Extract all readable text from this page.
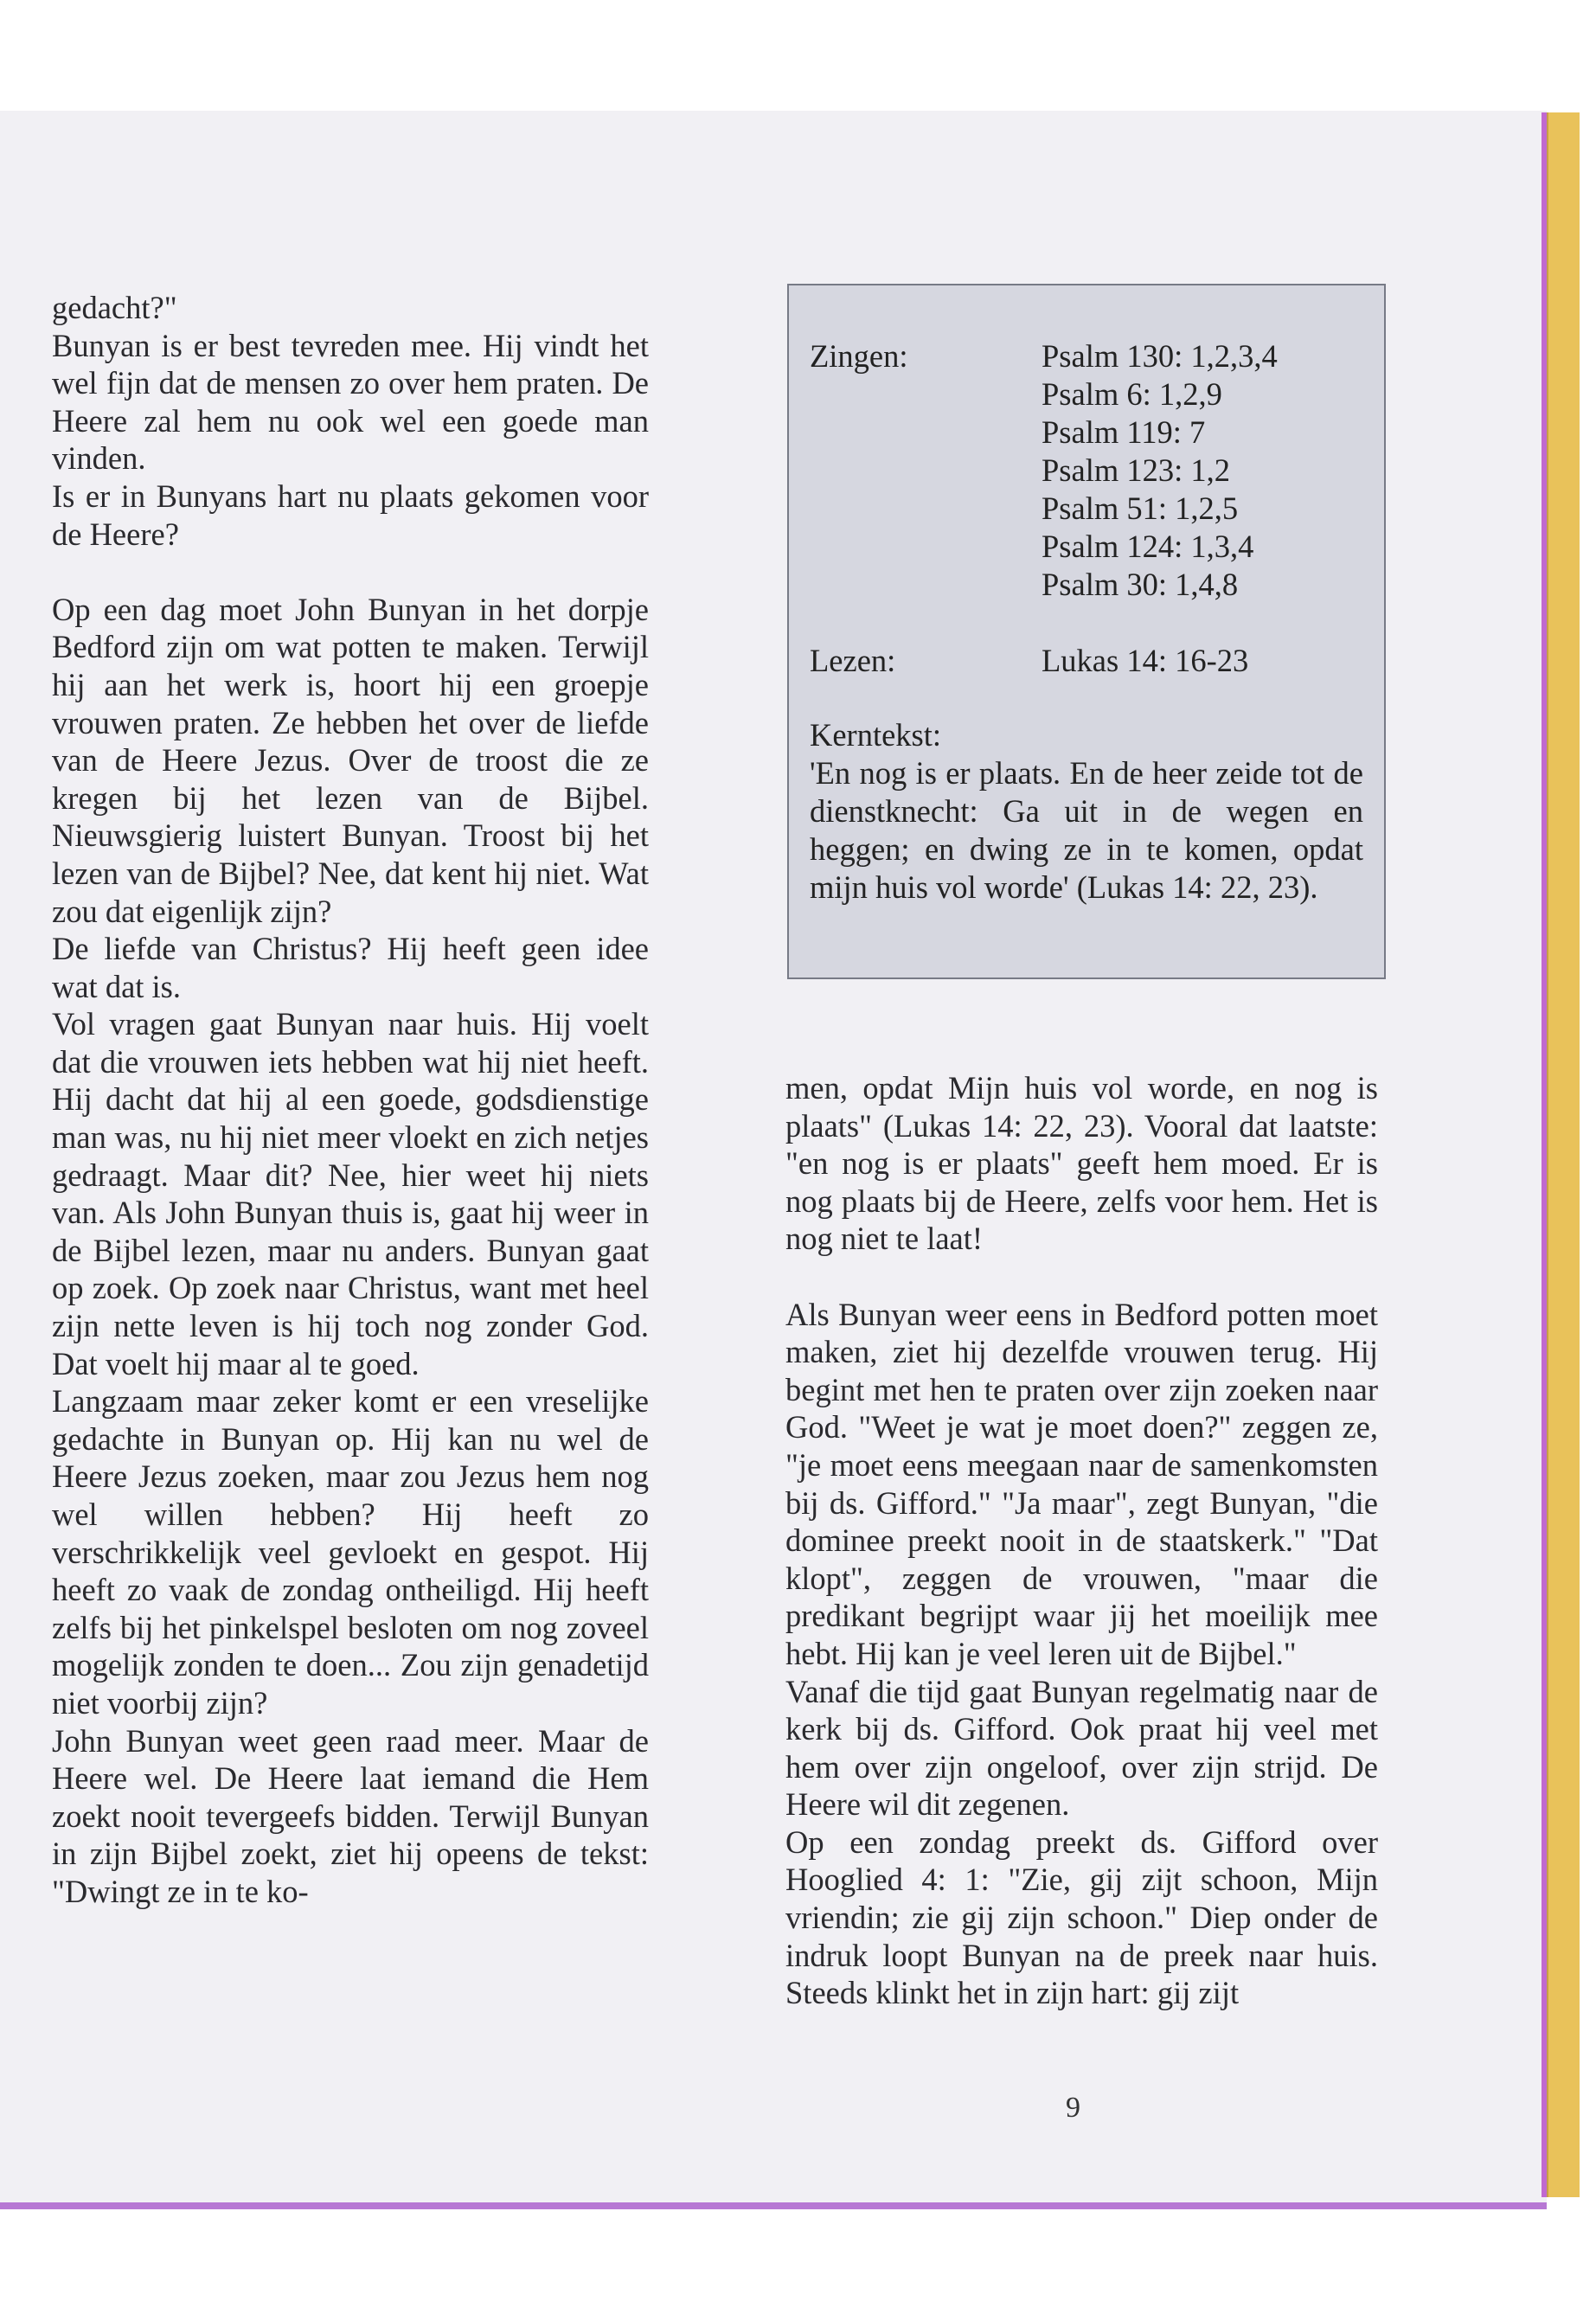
gedacht?"

Bunyan is er best tevreden mee. Hij vindt het wel fijn dat de mensen zo over hem praten. De Heere zal hem nu ook wel een goede man vinden.

Is er in Bunyans hart nu plaats gekomen voor de Heere?

Op een dag moet John Bunyan in het dorpje Bedford zijn om wat potten te maken. Terwijl hij aan het werk is, hoort hij een groepje vrouwen praten. Ze hebben het over de liefde van de Heere Jezus. Over de troost die ze kregen bij het lezen van de Bijbel. Nieuwsgierig luistert Bunyan. Troost bij het lezen van de Bijbel? Nee, dat kent hij niet. Wat zou dat eigenlijk zijn?

De liefde van Christus? Hij heeft geen idee wat dat is.

Vol vragen gaat Bunyan naar huis. Hij voelt dat die vrouwen iets hebben wat hij niet heeft. Hij dacht dat hij al een goede, godsdienstige man was, nu hij niet meer vloekt en zich netjes gedraagt. Maar dit? Nee, hier weet hij niets van. Als John Bunyan thuis is, gaat hij weer in de Bijbel lezen, maar nu anders. Bunyan gaat op zoek. Op zoek naar Christus, want met heel zijn nette leven is hij toch nog zonder God. Dat voelt hij maar al te goed.

Langzaam maar zeker komt er een vreselijke gedachte in Bunyan op. Hij kan nu wel de Heere Jezus zoeken, maar zou Jezus hem nog wel willen hebben? Hij heeft zo verschrikkelijk veel gevloekt en gespot. Hij heeft zo vaak de zondag ontheiligd. Hij heeft zelfs bij het pinkelspel besloten om nog zoveel mogelijk zonden te doen... Zou zijn genadetijd niet voorbij zijn?

John Bunyan weet geen raad meer. Maar de Heere wel. De Heere laat iemand die Hem zoekt nooit tevergeefs bidden. Terwijl Bunyan in zijn Bijbel zoekt, ziet hij opeens de tekst: "Dwingt ze in te ko-

Zingen:	Psalm 130: 1,2,3,4
Psalm 6: 1,2,9
Psalm 119: 7
Psalm 123: 1,2
Psalm 51: 1,2,5
Psalm 124: 1,3,4
Psalm 30: 1,4,8
Lezen:	Lukas 14: 16-23
Kerntekst:
'En nog is er plaats. En de heer zeide tot de dienstknecht: Ga uit in de wegen en heggen; en dwing ze in te komen, opdat mijn huis vol worde' (Lukas 14: 22, 23).

men, opdat Mijn huis vol worde, en nog is plaats" (Lukas 14: 22, 23). Vooral dat laatste: "en nog is er plaats" geeft hem moed. Er is nog plaats bij de Heere, zelfs voor hem. Het is nog niet te laat!

Als Bunyan weer eens in Bedford potten moet maken, ziet hij dezelfde vrouwen terug. Hij begint met hen te praten over zijn zoeken naar God. "Weet je wat je moet doen?" zeggen ze, "je moet eens meegaan naar de samenkomsten bij ds. Gifford." "Ja maar", zegt Bunyan, "die dominee preekt nooit in de staatskerk." "Dat klopt", zeggen de vrouwen, "maar die predikant begrijpt waar jij het moeilijk mee hebt. Hij kan je veel leren uit de Bijbel."

Vanaf die tijd gaat Bunyan regelmatig naar de kerk bij ds. Gifford. Ook praat hij veel met hem over zijn ongeloof, over zijn strijd. De Heere wil dit zegenen.

Op een zondag preekt ds. Gifford over Hooglied 4: 1: "Zie, gij zijt schoon, Mijn vriendin; zie gij zijn schoon." Diep onder de indruk loopt Bunyan na de preek naar huis. Steeds klinkt het in zijn hart: gij zijt

9
